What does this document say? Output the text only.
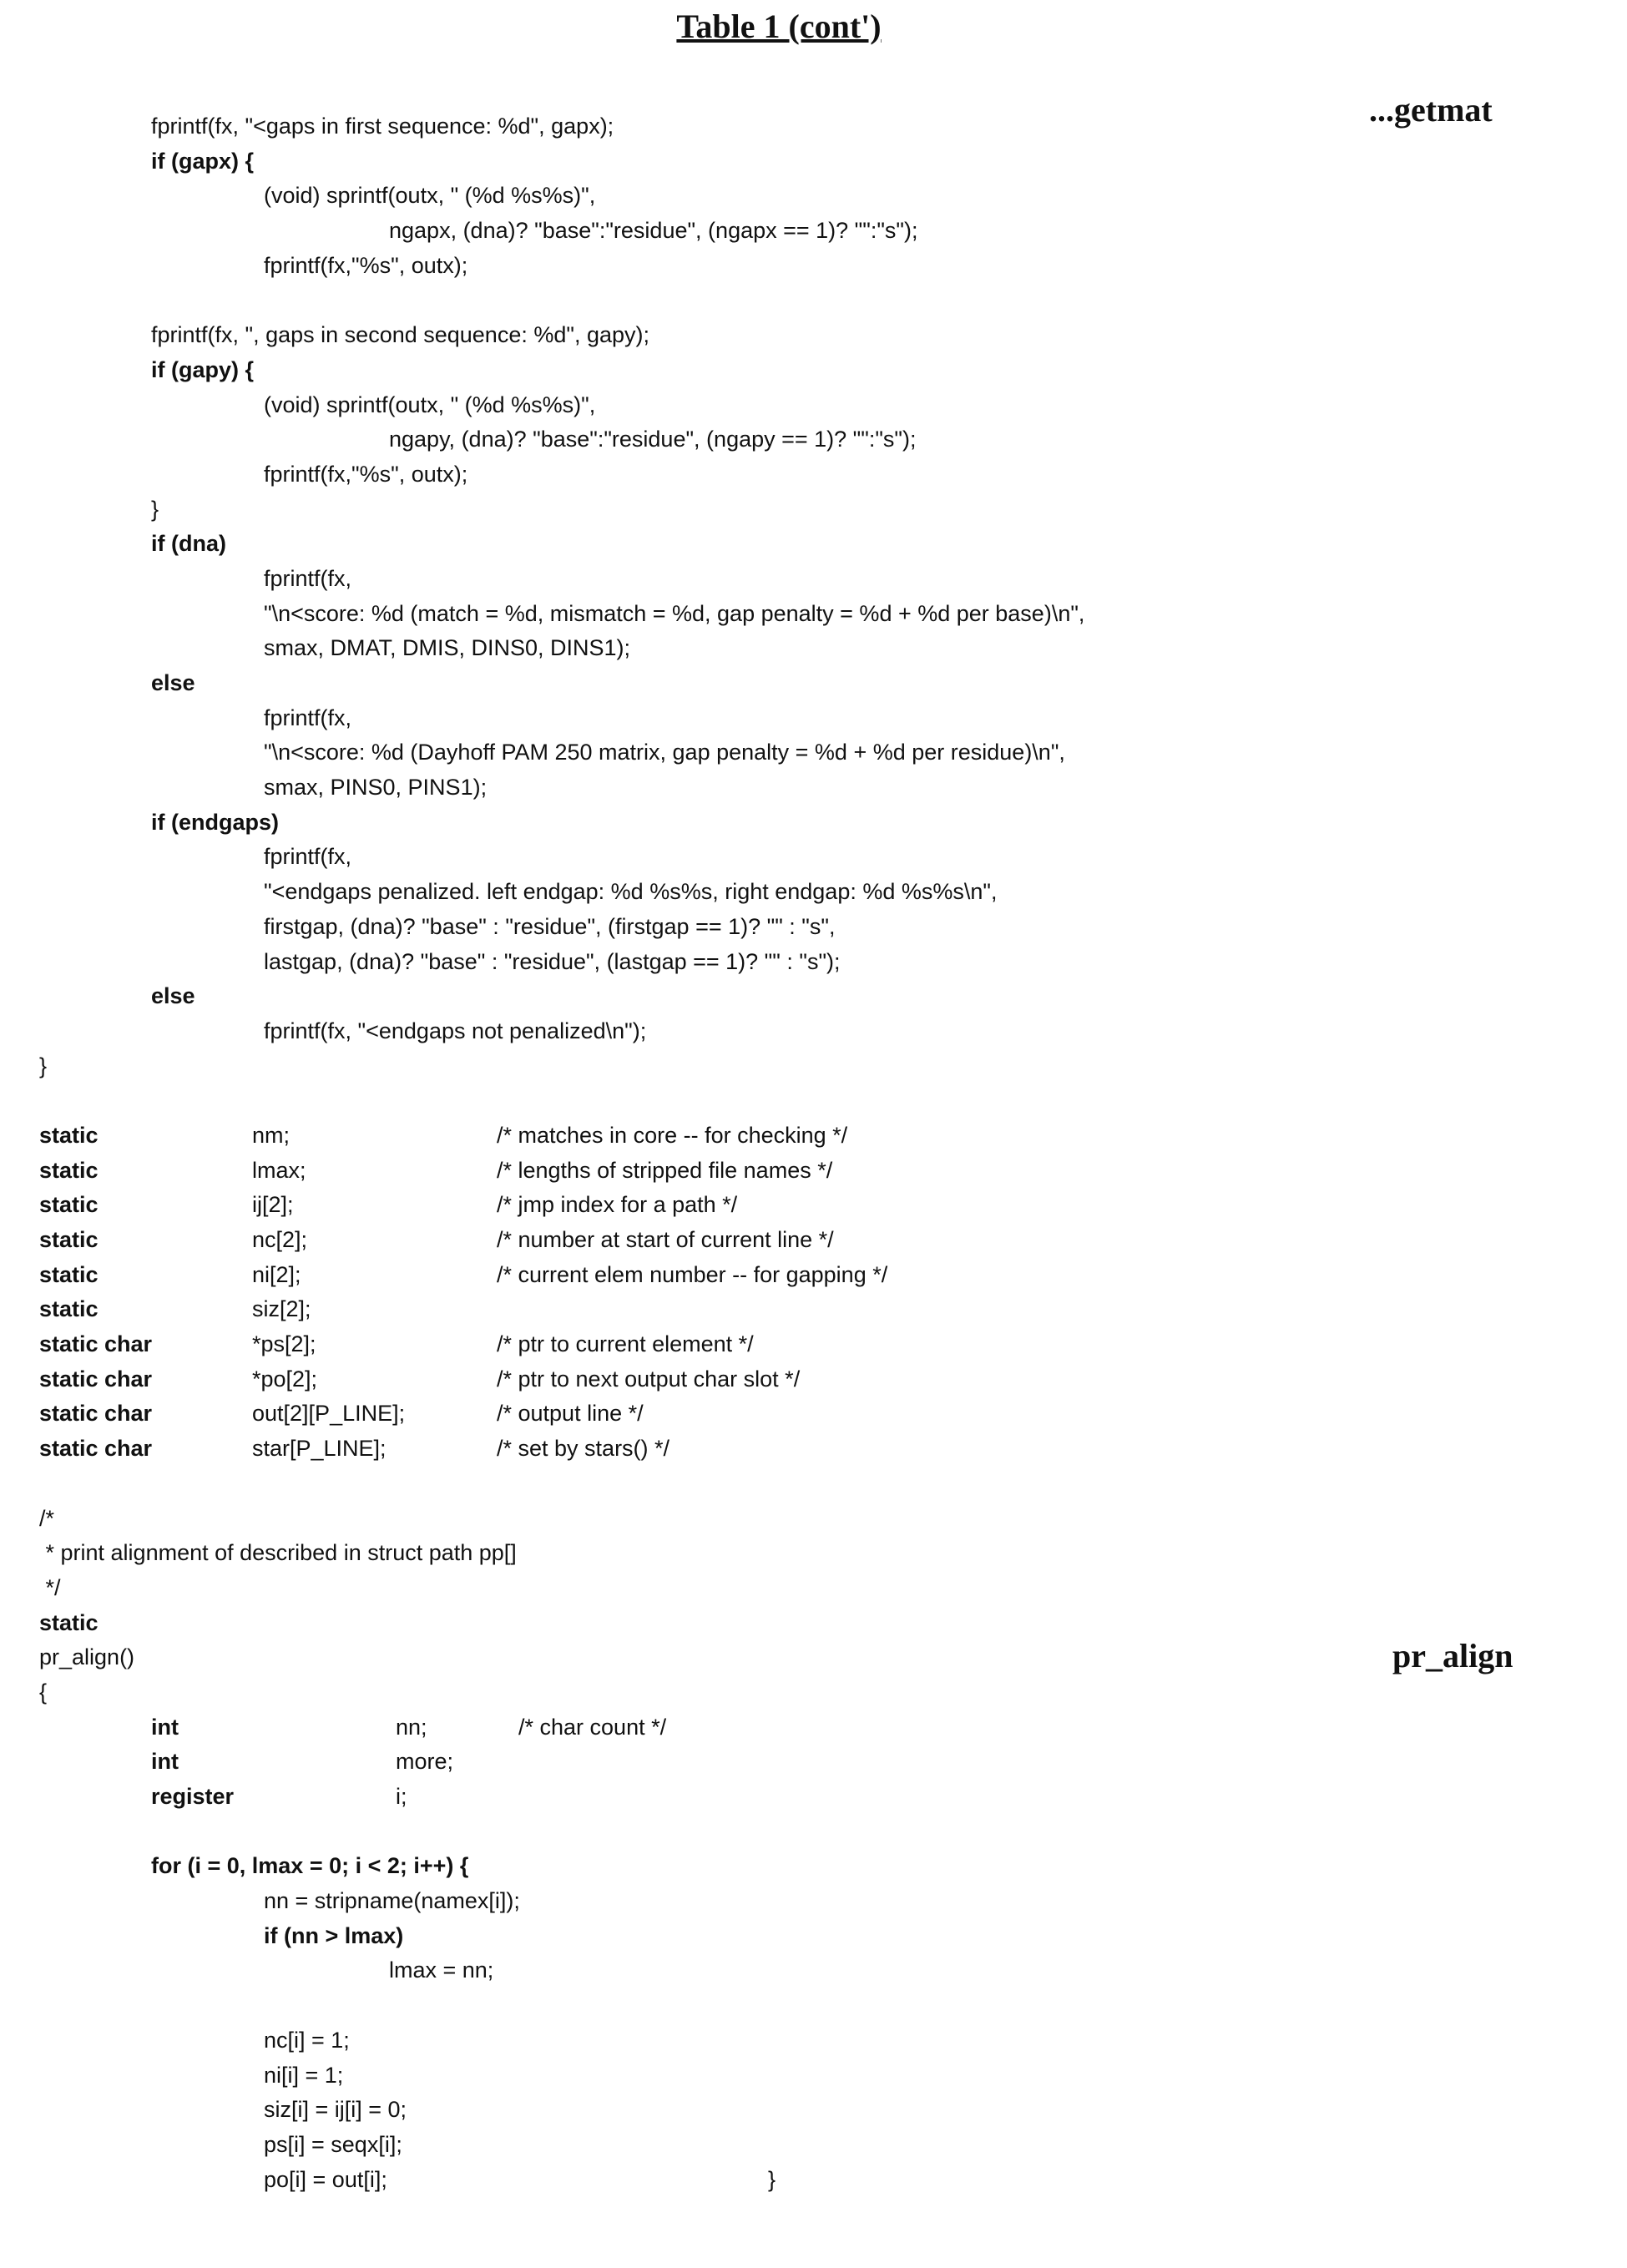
Table 1 (cont')
...getmat
pr_align
fprintf(fx, "<gaps in first sequence: %d", gapx);
if (gapx) {
(void) sprintf(outx, " (%d %s%s)",
ngapx, (dna)? "base":"residue", (ngapx == 1)? "":"s");
fprintf(fx,"%s", outx);
fprintf(fx, ", gaps in second sequence: %d", gapy);
if (gapy) {
(void) sprintf(outx, " (%d %s%s)",
ngapy, (dna)? "base":"residue", (ngapy == 1)? "":"s");
fprintf(fx,"%s", outx);
}
if (dna)
fprintf(fx,
"\n<score: %d (match = %d, mismatch = %d, gap penalty = %d + %d per base)\n",
smax, DMAT, DMIS, DINS0, DINS1);
else
fprintf(fx,
"\n<score: %d (Dayhoff PAM 250 matrix, gap penalty = %d + %d per residue)\n",
smax, PINS0, PINS1);
if (endgaps)
fprintf(fx,
"<endgaps penalized. left endgap: %d %s%s, right endgap: %d %s%s\n",
firstgap, (dna)? "base" : "residue", (firstgap == 1)? "" : "s",
lastgap, (dna)? "base" : "residue", (lastgap == 1)? "" : "s");
else
fprintf(fx, "<endgaps not penalized\n");
}
static	nm;	/* matches in core -- for checking */
static	lmax;	/* lengths of stripped file names */
static	ij[2];	/* jmp index for a path */
static	nc[2];	/* number at start of current line */
static	ni[2];	/* current elem number -- for gapping */
static	siz[2];
static char	*ps[2];	/* ptr to current element */
static char	*po[2];	/* ptr to next output char slot */
static char	out[2][P_LINE];	/* output line */
static char	star[P_LINE];	/* set by stars() */
/*
* print alignment of described in struct path pp[]
*/
static
pr_align()
{
int	nn;	/* char count */
int	more;
register	i;
for (i = 0, lmax = 0; i < 2; i++) {
nn = stripname(namex[i]);
if (nn > lmax)
lmax = nn;
nc[i] = 1;
ni[i] = 1;
siz[i] = ij[i] = 0;
ps[i] = seqx[i];
po[i] = out[i];	}
